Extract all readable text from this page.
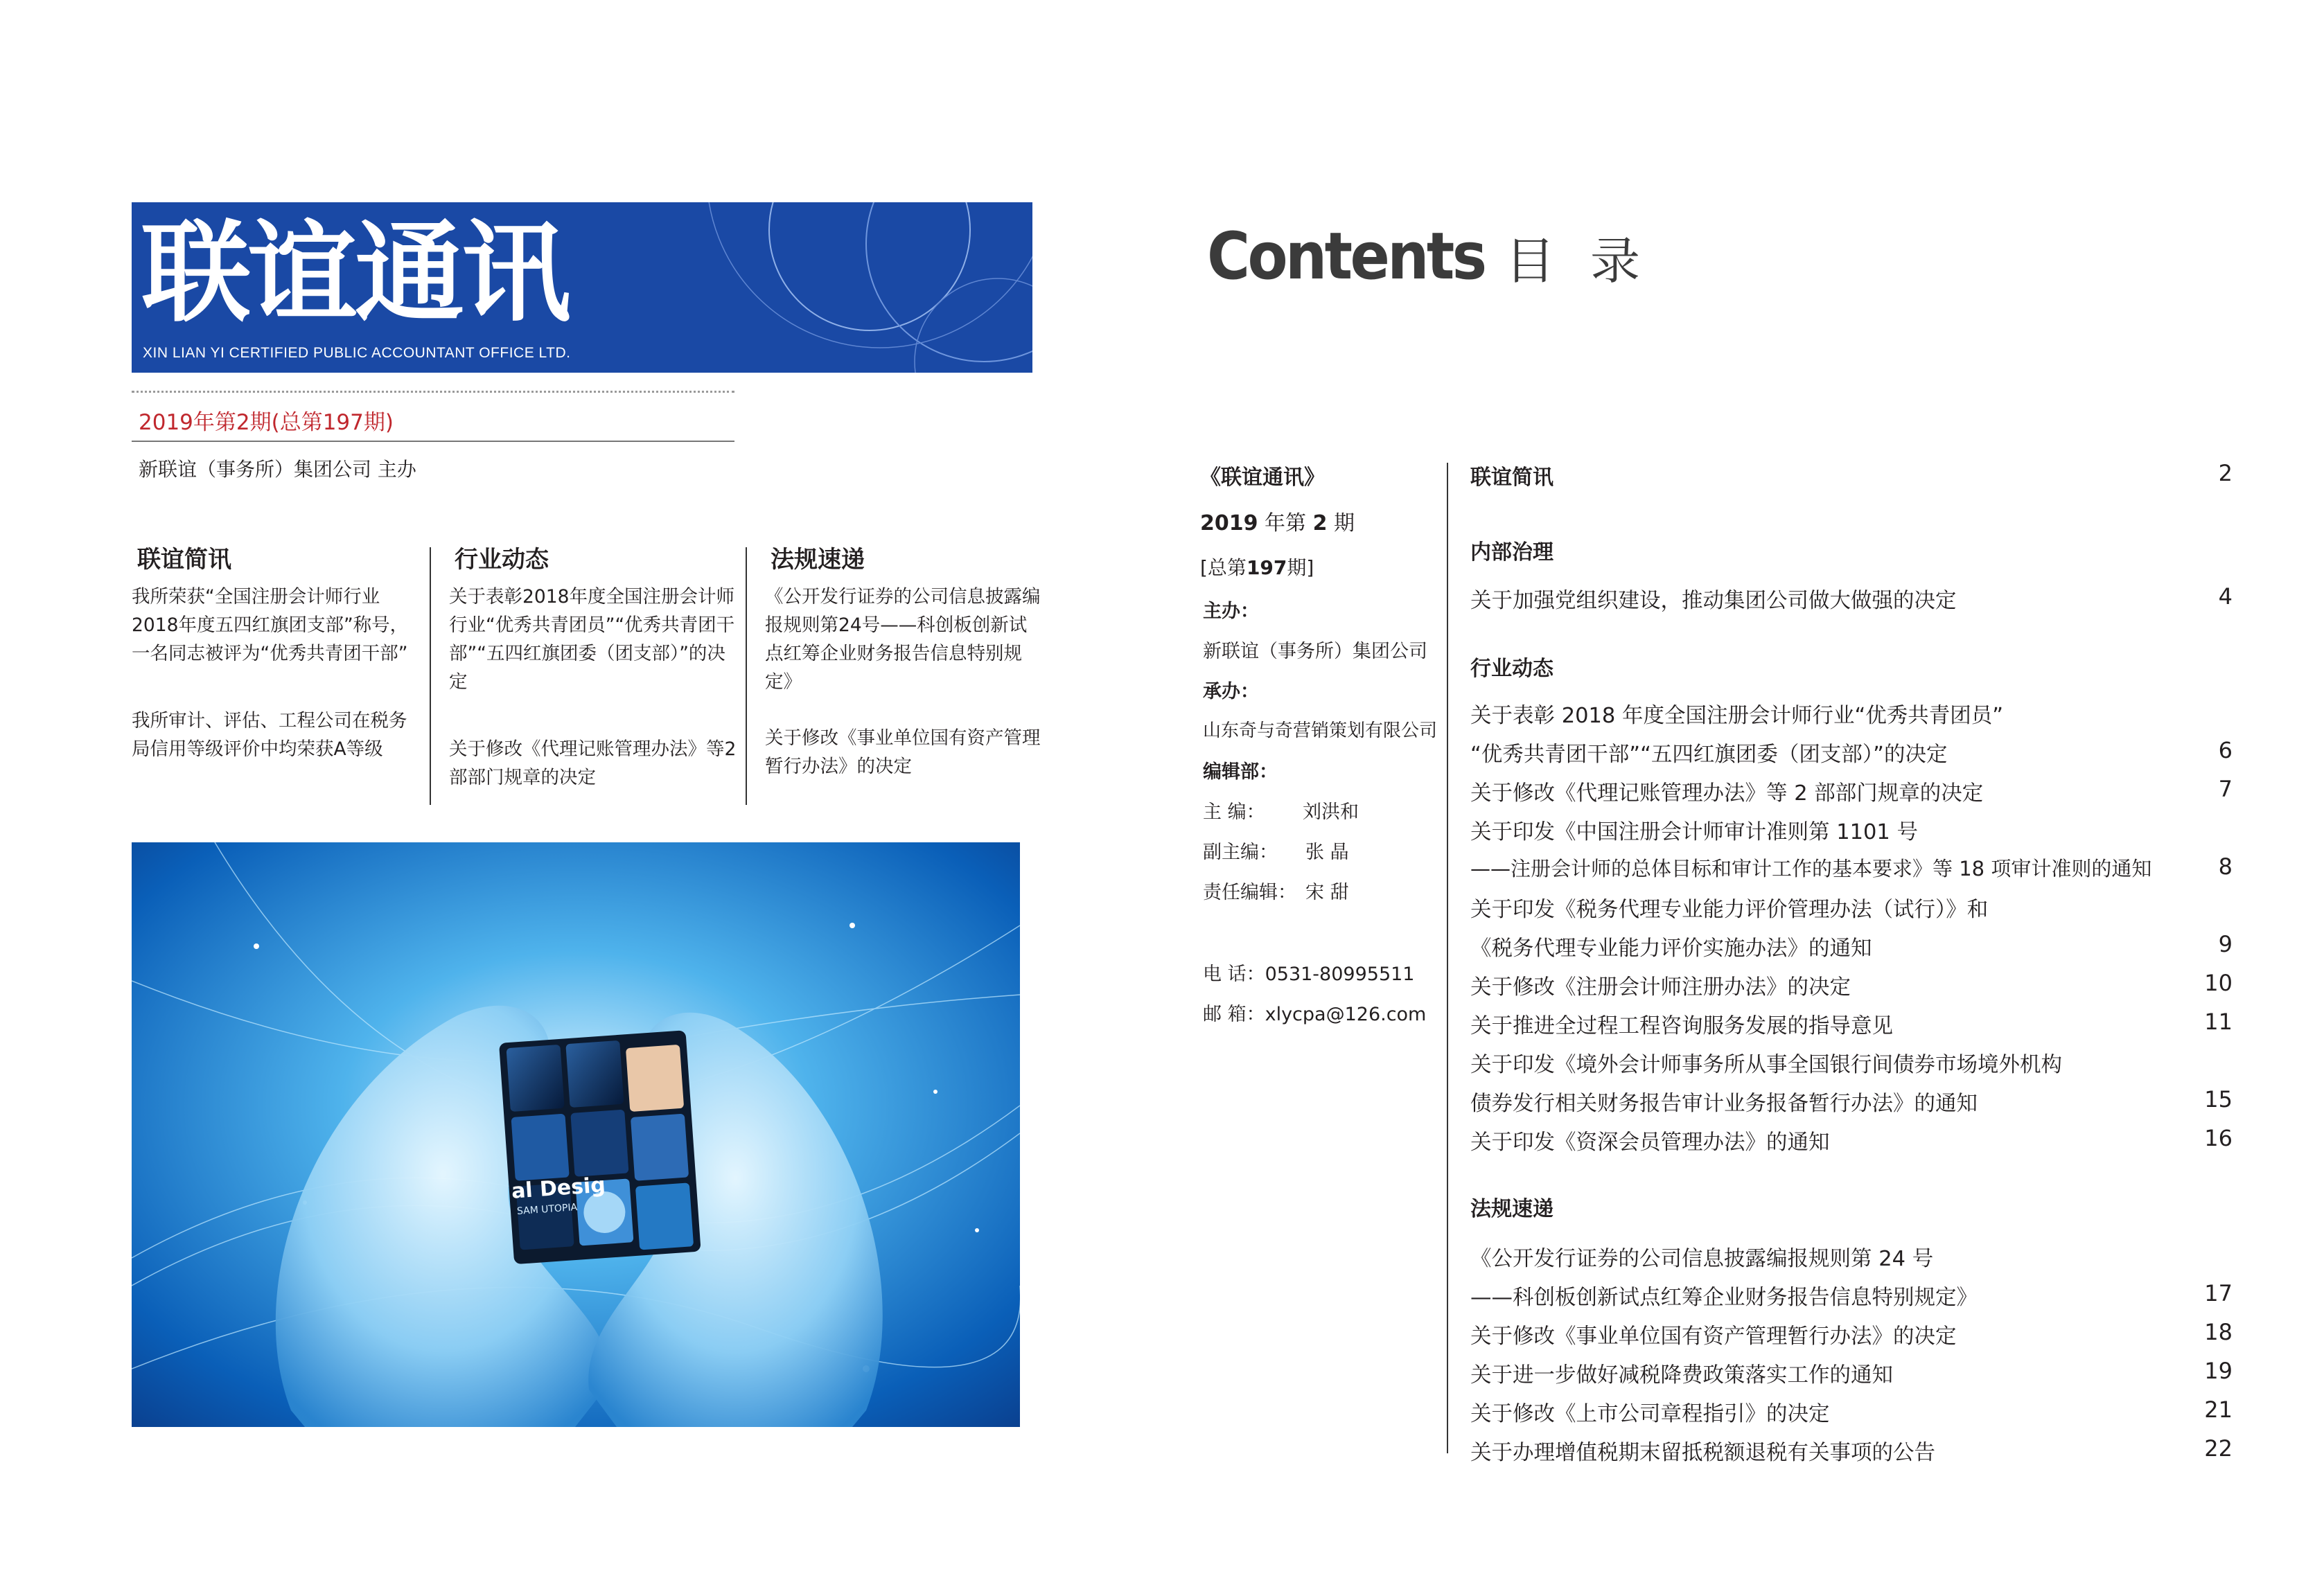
联谊通讯
XIN LIAN YI CERTIFIED PUBLIC ACCOUNTANT OFFICE LTD.
2019年第2期(总第197期)
新联谊（事务所）集团公司 主办
联谊简讯
我所荣获“全国注册会计师行业2018年度五四红旗团支部”称号，一名同志被评为“优秀共青团干部”
我所审计、评估、工程公司在税务局信用等级评价中均荣获A等级
行业动态
关于表彰2018年度全国注册会计师行业“优秀共青团员”“优秀共青团干部”“五四红旗团委（团支部）”的决定
关于修改《代理记账管理办法》等2部部门规章的决定
法规速递
《公开发行证券的公司信息披露编报规则第24号——科创板创新试点红筹企业财务报告信息特别规定》
关于修改《事业单位国有资产管理暂行办法》的决定
al Desig
SAM UTOPIA
Contents 目 录
《联谊通讯》
2019 年第 2 期
[总第197期]
主办：
新联谊（事务所）集团公司
承办：
山东奇与奇营销策划有限公司
编辑部：
主 编： 刘洪和
副主编： 张 晶
责任编辑： 宋 甜
电 话：0531-80995511
邮 箱：xlycpa@126.com
联谊简讯	2
内部治理
关于加强党组织建设，推动集团公司做大做强的决定	4
行业动态
关于表彰 2018 年度全国注册会计师行业“优秀共青团员”
“优秀共青团干部”“五四红旗团委（团支部）”的决定	6
关于修改《代理记账管理办法》等 2 部部门规章的决定	7
关于印发《中国注册会计师审计准则第 1101 号
——注册会计师的总体目标和审计工作的基本要求》等 18 项审计准则的通知	8
关于印发《税务代理专业能力评价管理办法（试行）》和
《税务代理专业能力评价实施办法》的通知	9
关于修改《注册会计师注册办法》的决定	10
关于推进全过程工程咨询服务发展的指导意见	11
关于印发《境外会计师事务所从事全国银行间债券市场境外机构
债券发行相关财务报告审计业务报备暂行办法》的通知	15
关于印发《资深会员管理办法》的通知	16
法规速递
《公开发行证券的公司信息披露编报规则第 24 号
——科创板创新试点红筹企业财务报告信息特别规定》	17
关于修改《事业单位国有资产管理暂行办法》的决定	18
关于进一步做好减税降费政策落实工作的通知	19
关于修改《上市公司章程指引》的决定	21
关于办理增值税期末留抵税额退税有关事项的公告	22
